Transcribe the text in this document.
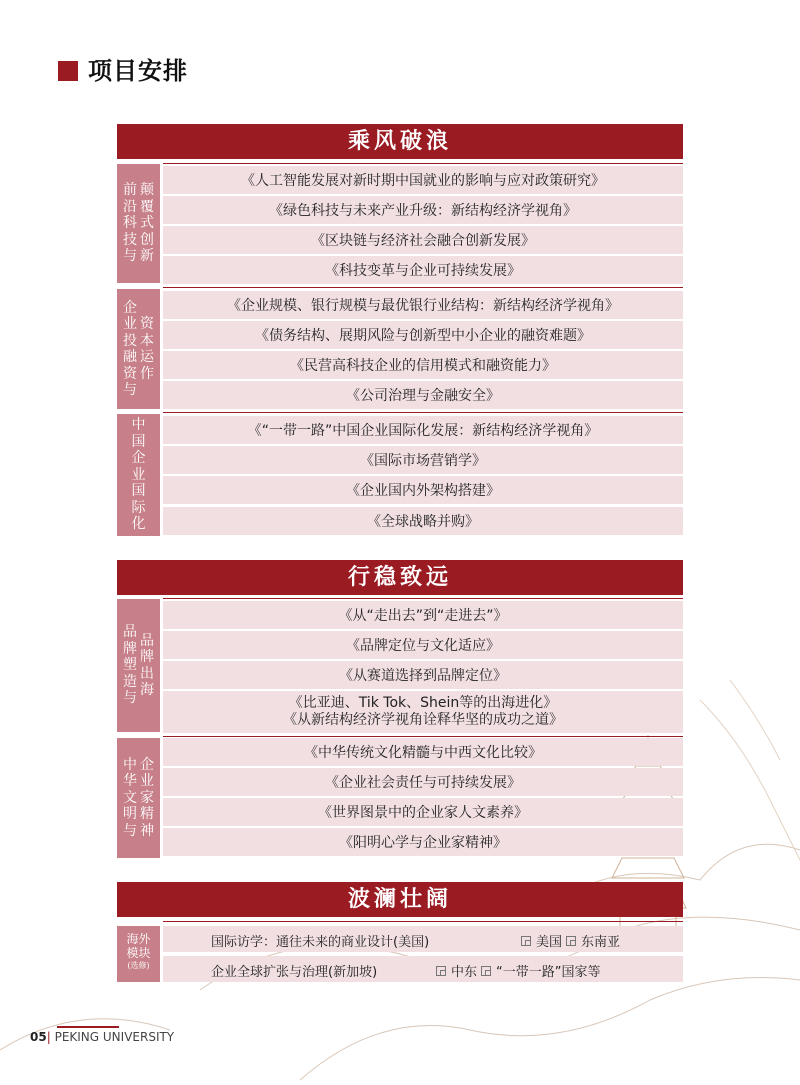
项目安排
乘风破浪
颠
覆
式
创
新
前
沿
科
技
与
《人工智能发展对新时期中国就业的影响与应对政策研究》
《绿色科技与未来产业升级：新结构经济学视角》
《区块链与经济社会融合创新发展》
《科技变革与企业可持续发展》
资
本
运
作
企
业
投
融
资
与
《企业规模、银行规模与最优银行业结构：新结构经济学视角》
《债务结构、展期风险与创新型中小企业的融资难题》
《民营高科技企业的信用模式和融资能力》
《公司治理与金融安全》
中
国
企
业
国
际
化
《“一带一路”中国企业国际化发展：新结构经济学视角》
《国际市场营销学》
《企业国内外架构搭建》
《全球战略并购》
行稳致远
品
牌
出
海
品
牌
塑
造
与
《从“走出去”到“走进去”》
《品牌定位与文化适应》
《从赛道选择到品牌定位》
《比亚迪、Tik Tok、Shein等的出海进化》
《从新结构经济学视角诠释华坚的成功之道》
企
业
家
精
神
中
华
文
明
与
《中华传统文化精髓与中西文化比较》
《企业社会责任与可持续发展》
《世界图景中的企业家人文素养》
《阳明心学与企业家精神》
波澜壮阔
海外
模块
(选修)
国际访学：通往未来的商业设计(美国)	美国 东南亚
企业全球扩张与治理(新加坡)	中东 “一带一路”国家等
05| PEKING UNIVERSITY
